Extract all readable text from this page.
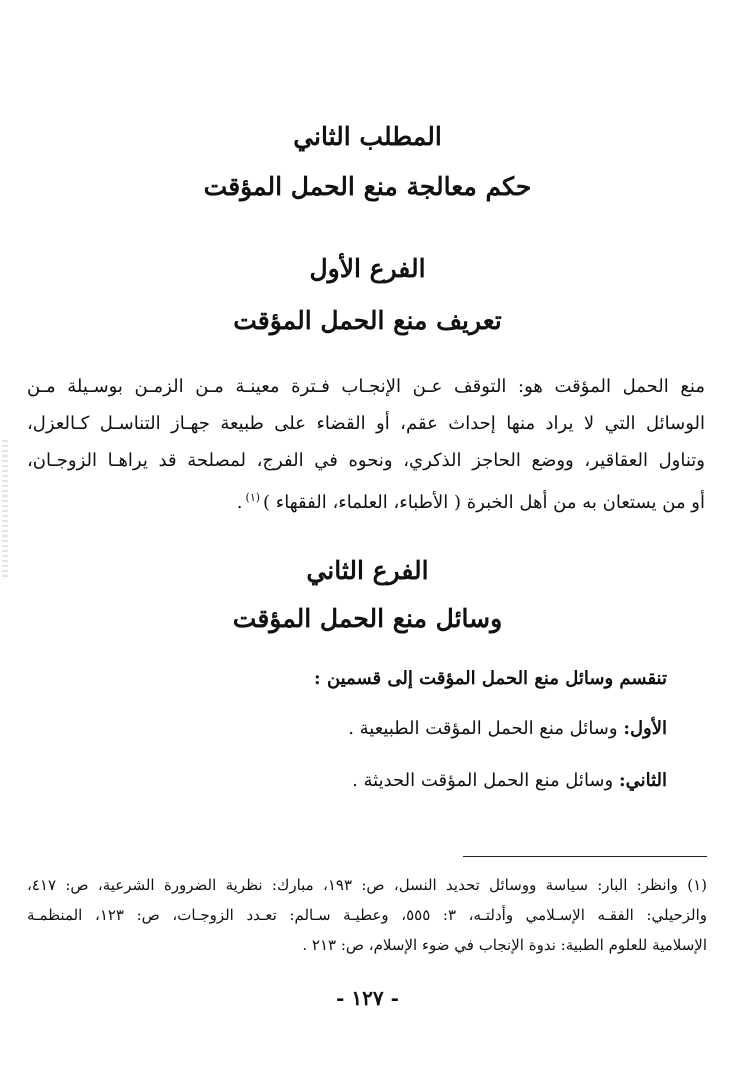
المطلب الثاني
حكم معالجة منع الحمل المؤقت
الفرع الأول
تعريف منع الحمل المؤقت
منع الحمل المؤقت هو: التوقف عـن الإنجـاب فـترة معينـة مـن الزمـن بوسـيلة مـن
الوسائل التي لا يراد منها إحداث عقم، أو القضاء على طبيعة جهـاز التناسـل كـالعزل،
وتناول العقاقير، ووضع الحاجز الذكري، ونحوه في الفرج، لمصلحة قد يراهـا الزوجـان،
أو من يستعان به من أهل الخبرة ( الأطباء، العلماء، الفقهاء )$^{(١)}$.
الفرع الثاني
وسائل منع الحمل المؤقت
تنقسم وسائل منع الحمل المؤقت إلى قسمين :
الأول: وسائل منع الحمل المؤقت الطبيعية .
الثاني: وسائل منع الحمل المؤقت الحديثة .
(١) وانظر: البار: سياسة ووسائل تحديد النسل، ص: ١٩٣، مبارك: نظرية الضرورة الشرعية، ص: ٤١٧،
والزحيلي: الفقـه الإسـلامي وأدلتـه، ٣: ٥٥٥، وعطيـة سـالم: تعـدد الزوجـات، ص: ١٢٣، المنظمـة
الإسلامية للعلوم الطبية: ندوة الإنجاب في ضوء الإسلام، ص: ٢١٣ .
- ١٢٧ -
